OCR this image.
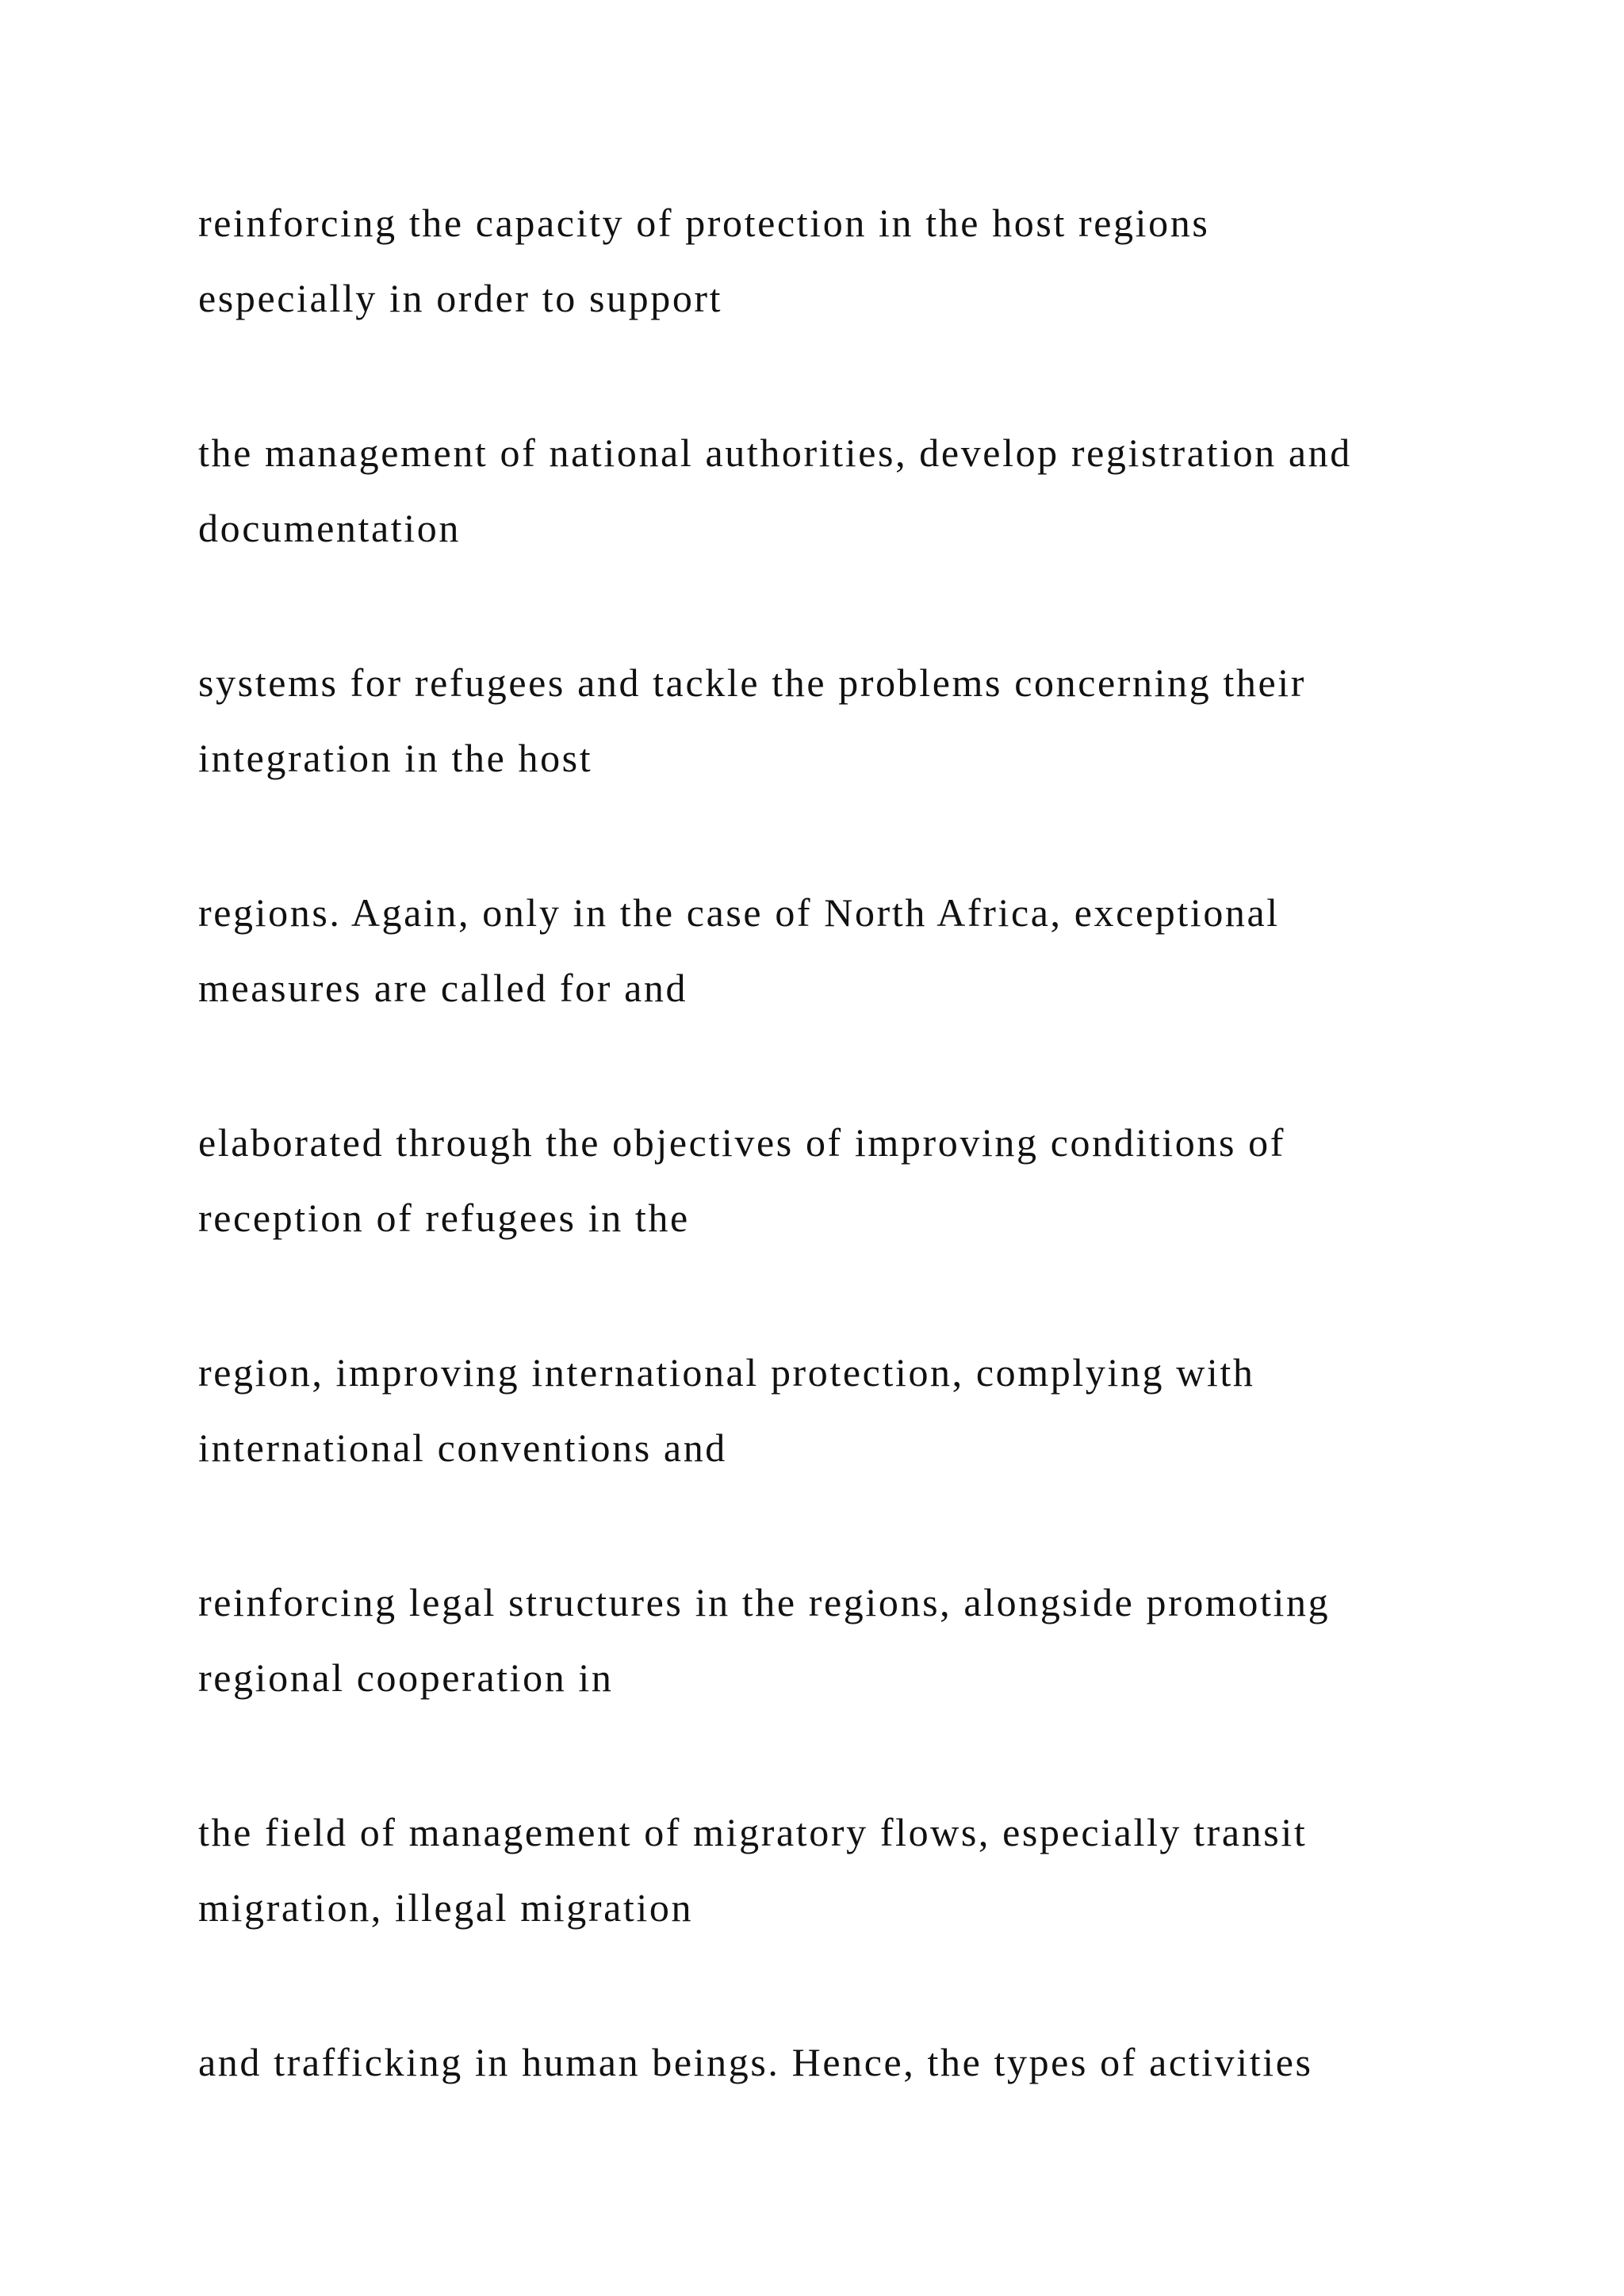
reinforcing the capacity of protection in the host regions
especially in order to support
the management of national authorities, develop registration and
documentation
systems for refugees and tackle the problems concerning their
integration in the host
regions. Again, only in the case of North Africa, exceptional
measures are called for and
elaborated through the objectives of improving conditions of
reception of refugees in the
region, improving international protection, complying with
international conventions and
reinforcing legal structures in the regions, alongside promoting
regional cooperation in
the field of management of migratory flows, especially transit
migration, illegal migration
and trafficking in human beings. Hence, the types of activities
